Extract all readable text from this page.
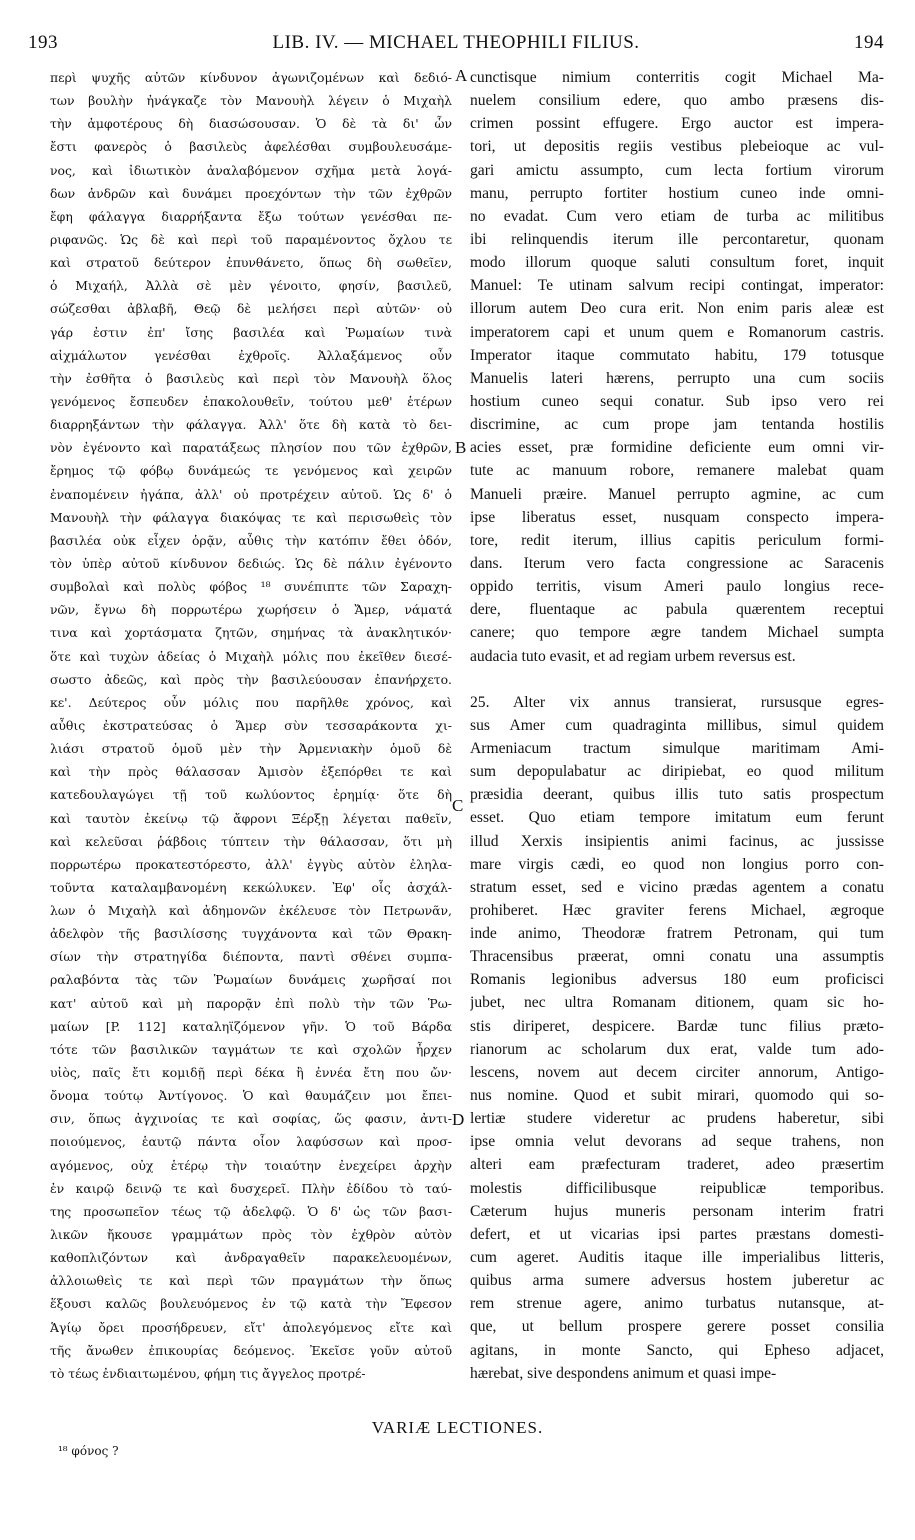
193	LIB. IV. — MICHAEL THEOPHILI FILIUS.	194
περὶ ψυχῆς αὐτῶν κίνδυνον ἀγωνιζομένων καὶ δεδιό-
των βουλὴν ἠνάγκαζε τὸν Μανουὴλ λέγειν ὁ Μιχαὴλ
τὴν ἀμφοτέρους δὴ διασώσουσαν. Ὁ δὲ τὰ δι' ὧν
ἔστι φανερὸς ὁ βασιλεὺς ἀφελέσθαι συμβουλευσάμε-
νος, καὶ ἰδιωτικὸν ἀναλαβόμενον σχῆμα μετὰ λογά-
δων ἀνδρῶν καὶ δυνάμει προεχόντων τὴν τῶν ἐχθρῶν
ἔφη φάλαγγα διαρρήξαντα ἔξω τούτων γενέσθαι πε-
ριφανῶς. Ὡς δὲ καὶ περὶ τοῦ παραμένοντος ὄχλου τε
καὶ στρατοῦ δεύτερον ἐπυνθάνετο, ὅπως δὴ σωθεῖεν,
ὁ Μιχαήλ, Ἀλλὰ σὲ μὲν γένοιτο, φησίν, βασιλεῦ,
σώζεσθαι ἀβλαβῆ, Θεῷ δὲ μελήσει περὶ αὐτῶν· οὐ
γάρ ἐστιν ἐπ' ἴσης βασιλέα καὶ Ῥωμαίων τινὰ
αἰχμάλωτον γενέσθαι ἐχθροῖς. Ἀλλαξάμενος οὖν
τὴν ἐσθῆτα ὁ βασιλεὺς καὶ περὶ τὸν Μανουὴλ ὅλος
γενόμενος ἔσπευδεν ἐπακολουθεῖν, τούτου μεθ' ἑτέρων
διαρρηξάντων τὴν φάλαγγα. Ἀλλ' ὅτε δὴ κατὰ τὸ δει-
νὸν ἐγένοντο καὶ παρατάξεως πλησίον που τῶν ἐχθρῶν,
ἔρημος τῷ φόβῳ δυνάμεώς τε γενόμενος καὶ χειρῶν
ἐναπομένειν ἠγάπα, ἀλλ' οὐ προτρέχειν αὐτοῦ. Ὡς δ' ὁ
Μανουὴλ τὴν φάλαγγα διακόψας τε καὶ περισωθεὶς τὸν
βασιλέα οὐκ εἶχεν ὁρᾷν, αὖθις τὴν κατόπιν ἔθει ὁδόν,
τὸν ὑπὲρ αὐτοῦ κίνδυνον δεδιώς. Ὡς δὲ πάλιν ἐγένοντο
συμβολαὶ καὶ πολὺς φόβος ¹⁸ συνέπιπτε τῶν Σαραχη-
νῶν, ἔγνω δὴ πορρωτέρω χωρήσειν ὁ Ἄμερ, νάματά
τινα καὶ χορτάσματα ζητῶν, σημήνας τὰ ἀνακλητικόν·
ὅτε καὶ τυχὼν ἀδείας ὁ Μιχαὴλ μόλις που ἐκεῖθεν διεσέ-
σωστο ἀδεῶς, καὶ πρὸς τὴν βασιλεύουσαν ἐπανήρχετο.
κε'. Δεύτερος οὖν μόλις που παρῆλθε χρόνος, καὶ
αὖθις ἐκστρατεύσας ὁ Ἄμερ σὺν τεσσαράκοντα χι-
λιάσι στρατοῦ ὁμοῦ μὲν τὴν Ἀρμενιακὴν ὁμοῦ δὲ
καὶ τὴν πρὸς θάλασσαν Ἀμισὸν ἐξεπόρθει τε καὶ
κατεδουλαγώγει τῇ τοῦ κωλύοντος ἐρημίᾳ· ὅτε δὴ
καὶ ταυτὸν ἐκείνῳ τῷ ἄφρονι Ξέρξῃ λέγεται παθεῖν,
καὶ κελεῦσαι ῥάβδοις τύπτειν τὴν θάλασσαν, ὅτι μὴ
πορρωτέρω προκατεστόρεστο, ἀλλ' ἐγγὺς αὐτὸν ἐληλα-
τοῦντα καταλαμβανομένη κεκώλυκεν. Ἐφ' οἷς ἀσχάλ-
λων ὁ Μιχαὴλ καὶ ἀδημονῶν ἐκέλευσε τὸν Πετρωνᾶν,
ἀδελφὸν τῆς βασιλίσσης τυγχάνοντα καὶ τῶν Θρακη-
σίων τὴν στρατηγίδα διέποντα, παντὶ σθένει συμπα-
ραλαβόντα τὰς τῶν Ῥωμαίων δυνάμεις χωρῆσαί ποι
κατ' αὐτοῦ καὶ μὴ παρορᾷν ἐπὶ πολὺ τὴν τῶν Ῥω-
μαίων [P. 112] καταληϊζόμενον γῆν. Ὁ τοῦ Βάρδα
τότε τῶν βασιλικῶν ταγμάτων τε καὶ σχολῶν ἦρχεν
υἱὸς, παῖς ἔτι κομιδῇ περὶ δέκα ἢ ἐννέα ἔτη που ὤν·
ὄνομα τούτῳ Ἀντίγονος. Ὁ καὶ θαυμάζειν μοι ἔπει-
σιν, ὅπως ἀγχινοίας τε καὶ σοφίας, ὥς φασιν, ἀντι-
ποιούμενος, ἑαυτῷ πάντα οἷον λαφύσσων καὶ προσ-
αγόμενος, οὐχ ἑτέρῳ τὴν τοιαύτην ἐνεχείρει ἀρχὴν
ἐν καιρῷ δεινῷ τε καὶ δυσχερεῖ. Πλὴν ἐδίδου τὸ ταύ-
της προσωπεῖον τέως τῷ ἀδελφῷ. Ὁ δ' ὡς τῶν βασι-
λικῶν ἤκουσε γραμμάτων πρὸς τὸν ἐχθρὸν αὐτὸν
καθοπλιζόντων καὶ ἀνδραγαθεῖν παρακελευομένων,
ἀλλοιωθεὶς τε καὶ περὶ τῶν πραγμάτων τὴν ὅπως
ἕξουσι καλῶς βουλευόμενος ἐν τῷ κατὰ τὴν Ἔφεσον
Ἁγίῳ ὄρει προσήδρευεν, εἴτ' ἀπολεγόμενος εἴτε καὶ
τῆς ἄνωθεν ἐπικουρίας δεόμενος. Ἐκεῖσε γοῦν αὐτοῦ
τὸ τέως ἐνδιαιτωμένου, φήμη τις ἄγγελος προτρέ-
cunctisque nimium conterritis cogit Michael Ma-
nuelem consilium edere, quo ambo præsens dis-
crimen possint effugere. Ergo auctor est impera-
tori, ut depositis regiis vestibus plebeioque ac vul-
gari amictu assumpto, cum lecta fortium virorum
manu, perrupto fortiter hostium cuneo inde omni-
no evadat. Cum vero etiam de turba ac militibus
ibi relinquendis iterum ille percontaretur, quonam
modo illorum quoque saluti consultum foret, inquit
Manuel: Te utinam salvum recipi contingat, imperator:
illorum autem Deo cura erit. Non enim paris aleæ est
imperatorem capi et unum quem e Romanorum castris.
Imperator itaque commutato habitu, 179 totusque
Manuelis lateri hærens, perrupto una cum sociis
hostium cuneo sequi conatur. Sub ipso vero rei
discrimine, ac cum prope jam tentanda hostilis
acies esset, præ formidine deficiente eum omni vir-
tute ac manuum robore, remanere malebat quam
Manueli præire. Manuel perrupto agmine, ac cum
ipse liberatus esset, nusquam conspecto impera-
tore, redit iterum, illius capitis periculum formi-
dans. Iterum vero facta congressione ac Saracenis
oppido territis, visum Ameri paulo longius rece-
dere, fluentaque ac pabula quærentem receptui
canere; quo tempore ægre tandem Michael sumpta
audacia tuto evasit, et ad regiam urbem reversus est.
25. Alter vix annus transierat, rursusque egres-
sus Amer cum quadraginta millibus, simul quidem
Armeniacum tractum simulque maritimam Ami-
sum depopulabatur ac diripiebat, eo quod militum
præsidia deerant, quibus illis tuto satis prospectum
esset. Quo etiam tempore imitatum eum ferunt
illud Xerxis insipientis animi facinus, ac jussisse
mare virgis cædi, eo quod non longius porro con-
stratum esset, sed e vicino prædas agentem a conatu
prohiberet. Hæc graviter ferens Michael, ægroque
inde animo, Theodoræ fratrem Petronam, qui tum
Thracensibus præerat, omni conatu una assumptis
Romanis legionibus adversus 180 eum proficisci
jubet, nec ultra Romanam ditionem, quam sic ho-
stis diriperet, despicere. Bardæ tunc filius præto-
rianorum ac scholarum dux erat, valde tum ado-
lescens, novem aut decem circiter annorum, Antigo-
nus nomine. Quod et subit mirari, quomodo qui so-
lertiæ studere videretur ac prudens haberetur, sibi
ipse omnia velut devorans ad seque trahens, non
alteri eam præfecturam traderet, adeo præsertim
molestis difficilibusque reipublicæ temporibus.
Cæterum hujus muneris personam interim fratri
defert, et ut vicarias ipsi partes præstans domesti-
cum ageret. Auditis itaque ille imperialibus litteris,
quibus arma sumere adversus hostem juberetur ac
rem strenue agere, animo turbatus nutansque, at-
que, ut bellum prospere gerere posset consilia
agitans, in monte Sancto, qui Epheso adjacet,
hærebat, sive despondens animum et quasi impe-
A
B
C
D
VARIÆ LECTIONES.
¹⁸ φόνος ?
